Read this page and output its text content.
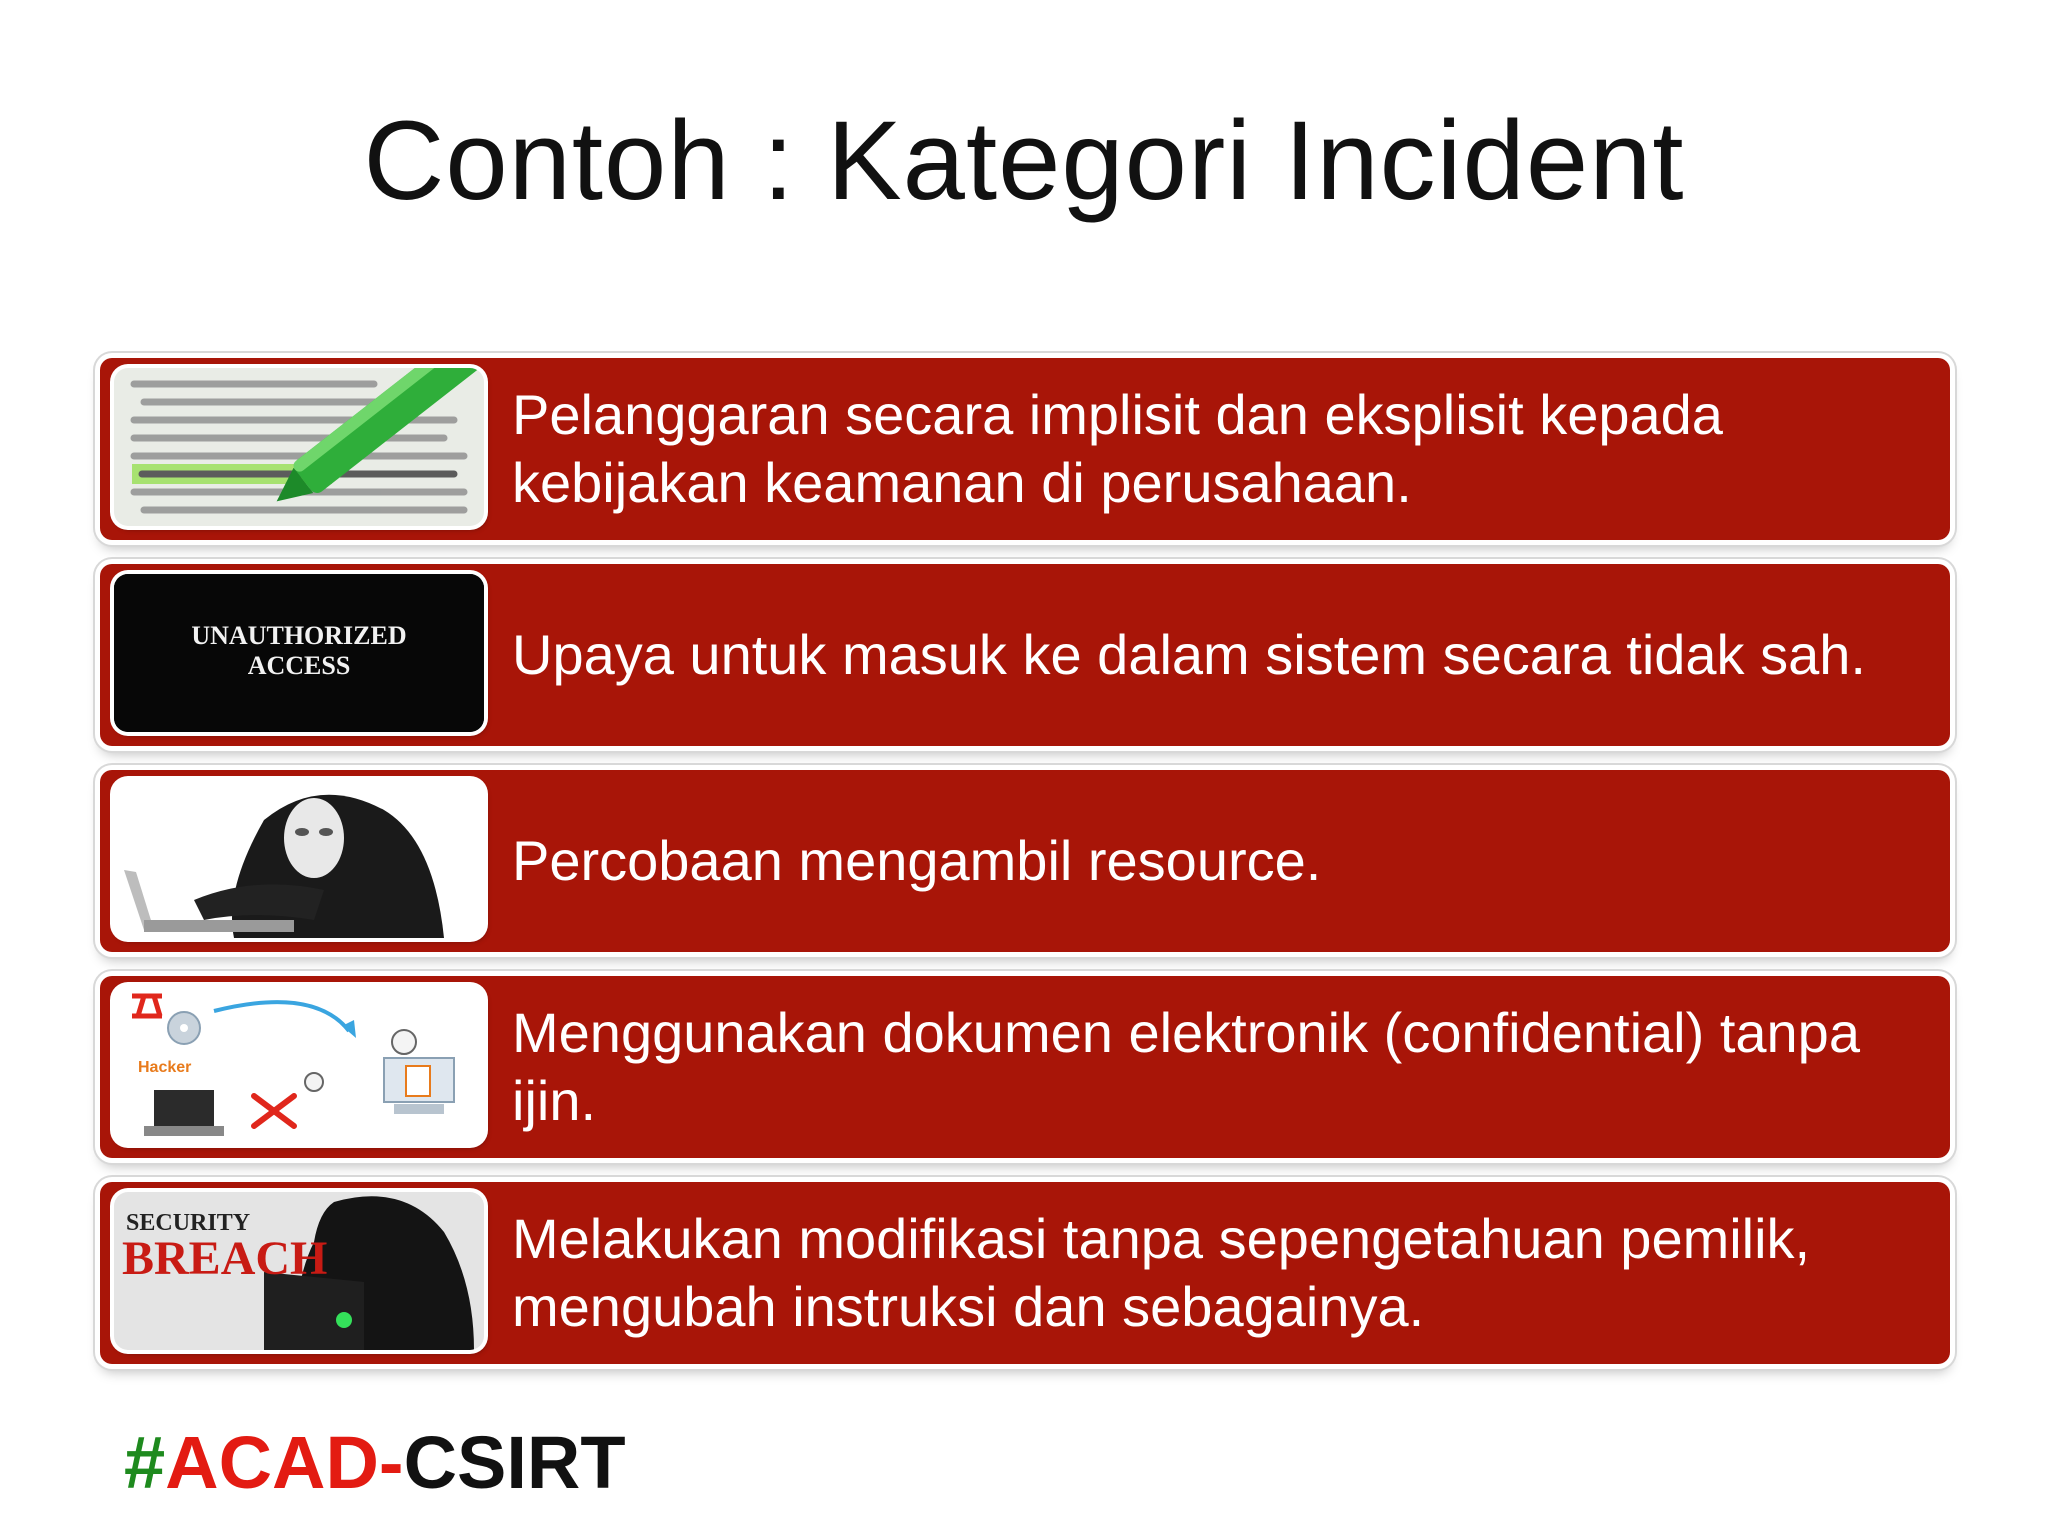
Contoh : Kategori Incident
Pelanggaran secara implisit dan eksplisit kepada kebijakan keamanan di perusahaan.
UNAUTHORIZED
ACCESS	Upaya untuk masuk ke dalam sistem secara tidak sah.
Percobaan mengambil resource.
Hacker
Menggunakan dokumen elektronik (confidential) tanpa ijin.
SECURITY
BREACH	Melakukan modifikasi tanpa sepengetahuan pemilik, mengubah instruksi dan sebagainya.
#ACAD-CSIRT
